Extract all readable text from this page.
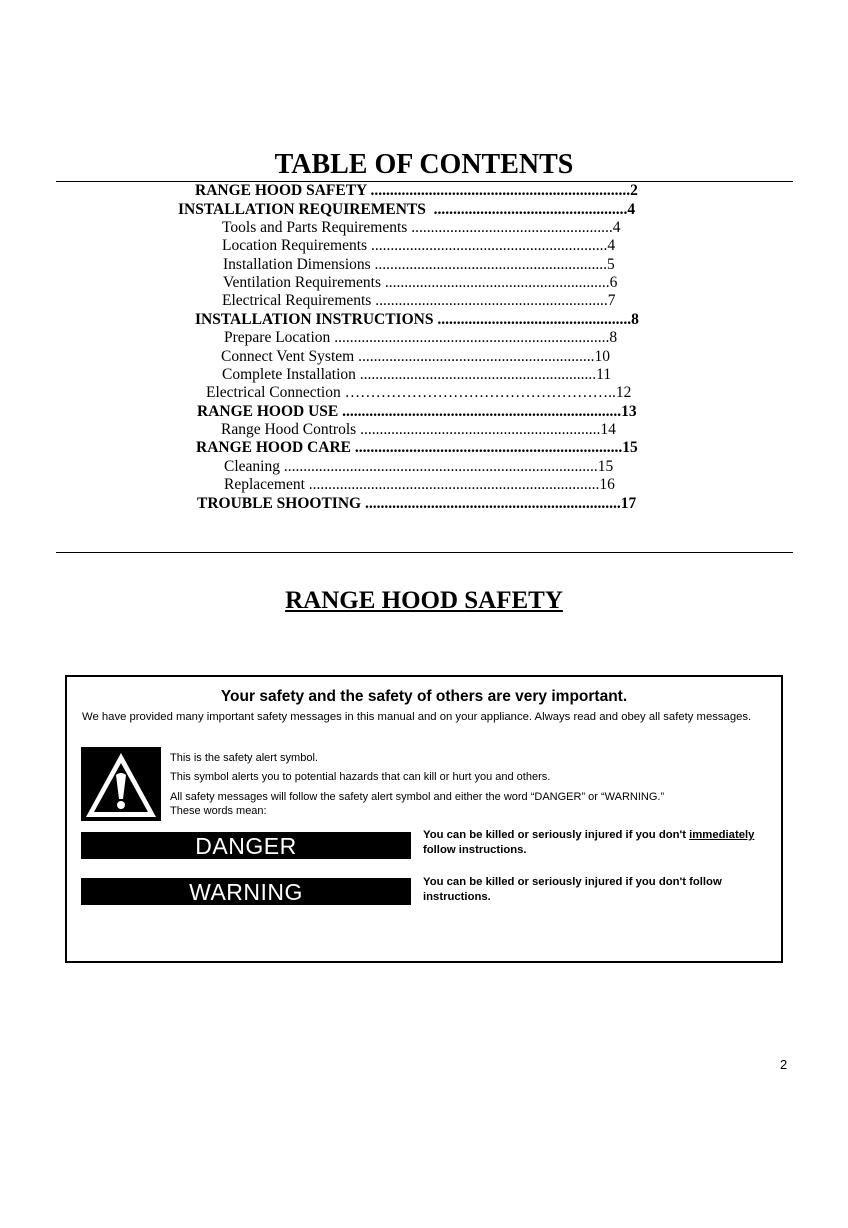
TABLE OF CONTENTS
RANGE HOOD SAFETY ...................................................................2
INSTALLATION REQUIREMENTS  ..................................................4
Tools and Parts Requirements ....................................................4
Location Requirements .............................................................4
Installation Dimensions ............................................................5
Ventilation Requirements ..........................................................6
Electrical Requirements ............................................................7
INSTALLATION INSTRUCTIONS ..................................................8
Prepare Location .......................................................................8
Connect Vent System .............................................................10
Complete Installation .............................................................11
Electrical Connection ……………………………………………..12
RANGE HOOD USE ........................................................................13
Range Hood Controls ..............................................................14
RANGE HOOD CARE .....................................................................15
Cleaning .................................................................................15
Replacement ...........................................................................16
TROUBLE SHOOTING ..................................................................17
RANGE HOOD SAFETY
Your safety and the safety of others are very important.
We have provided many important safety messages in this manual and on your appliance. Always read and obey all safety messages.
This is the safety alert symbol.
This symbol alerts you to potential hazards that can kill or hurt you and others.
All safety messages will follow the safety alert symbol and either the word “DANGER” or “WARNING.”
These words mean:
DANGER	You can be killed or seriously injured if you don't immediately follow instructions.
WARNING	You can be killed or seriously injured if you don't follow instructions.
2
